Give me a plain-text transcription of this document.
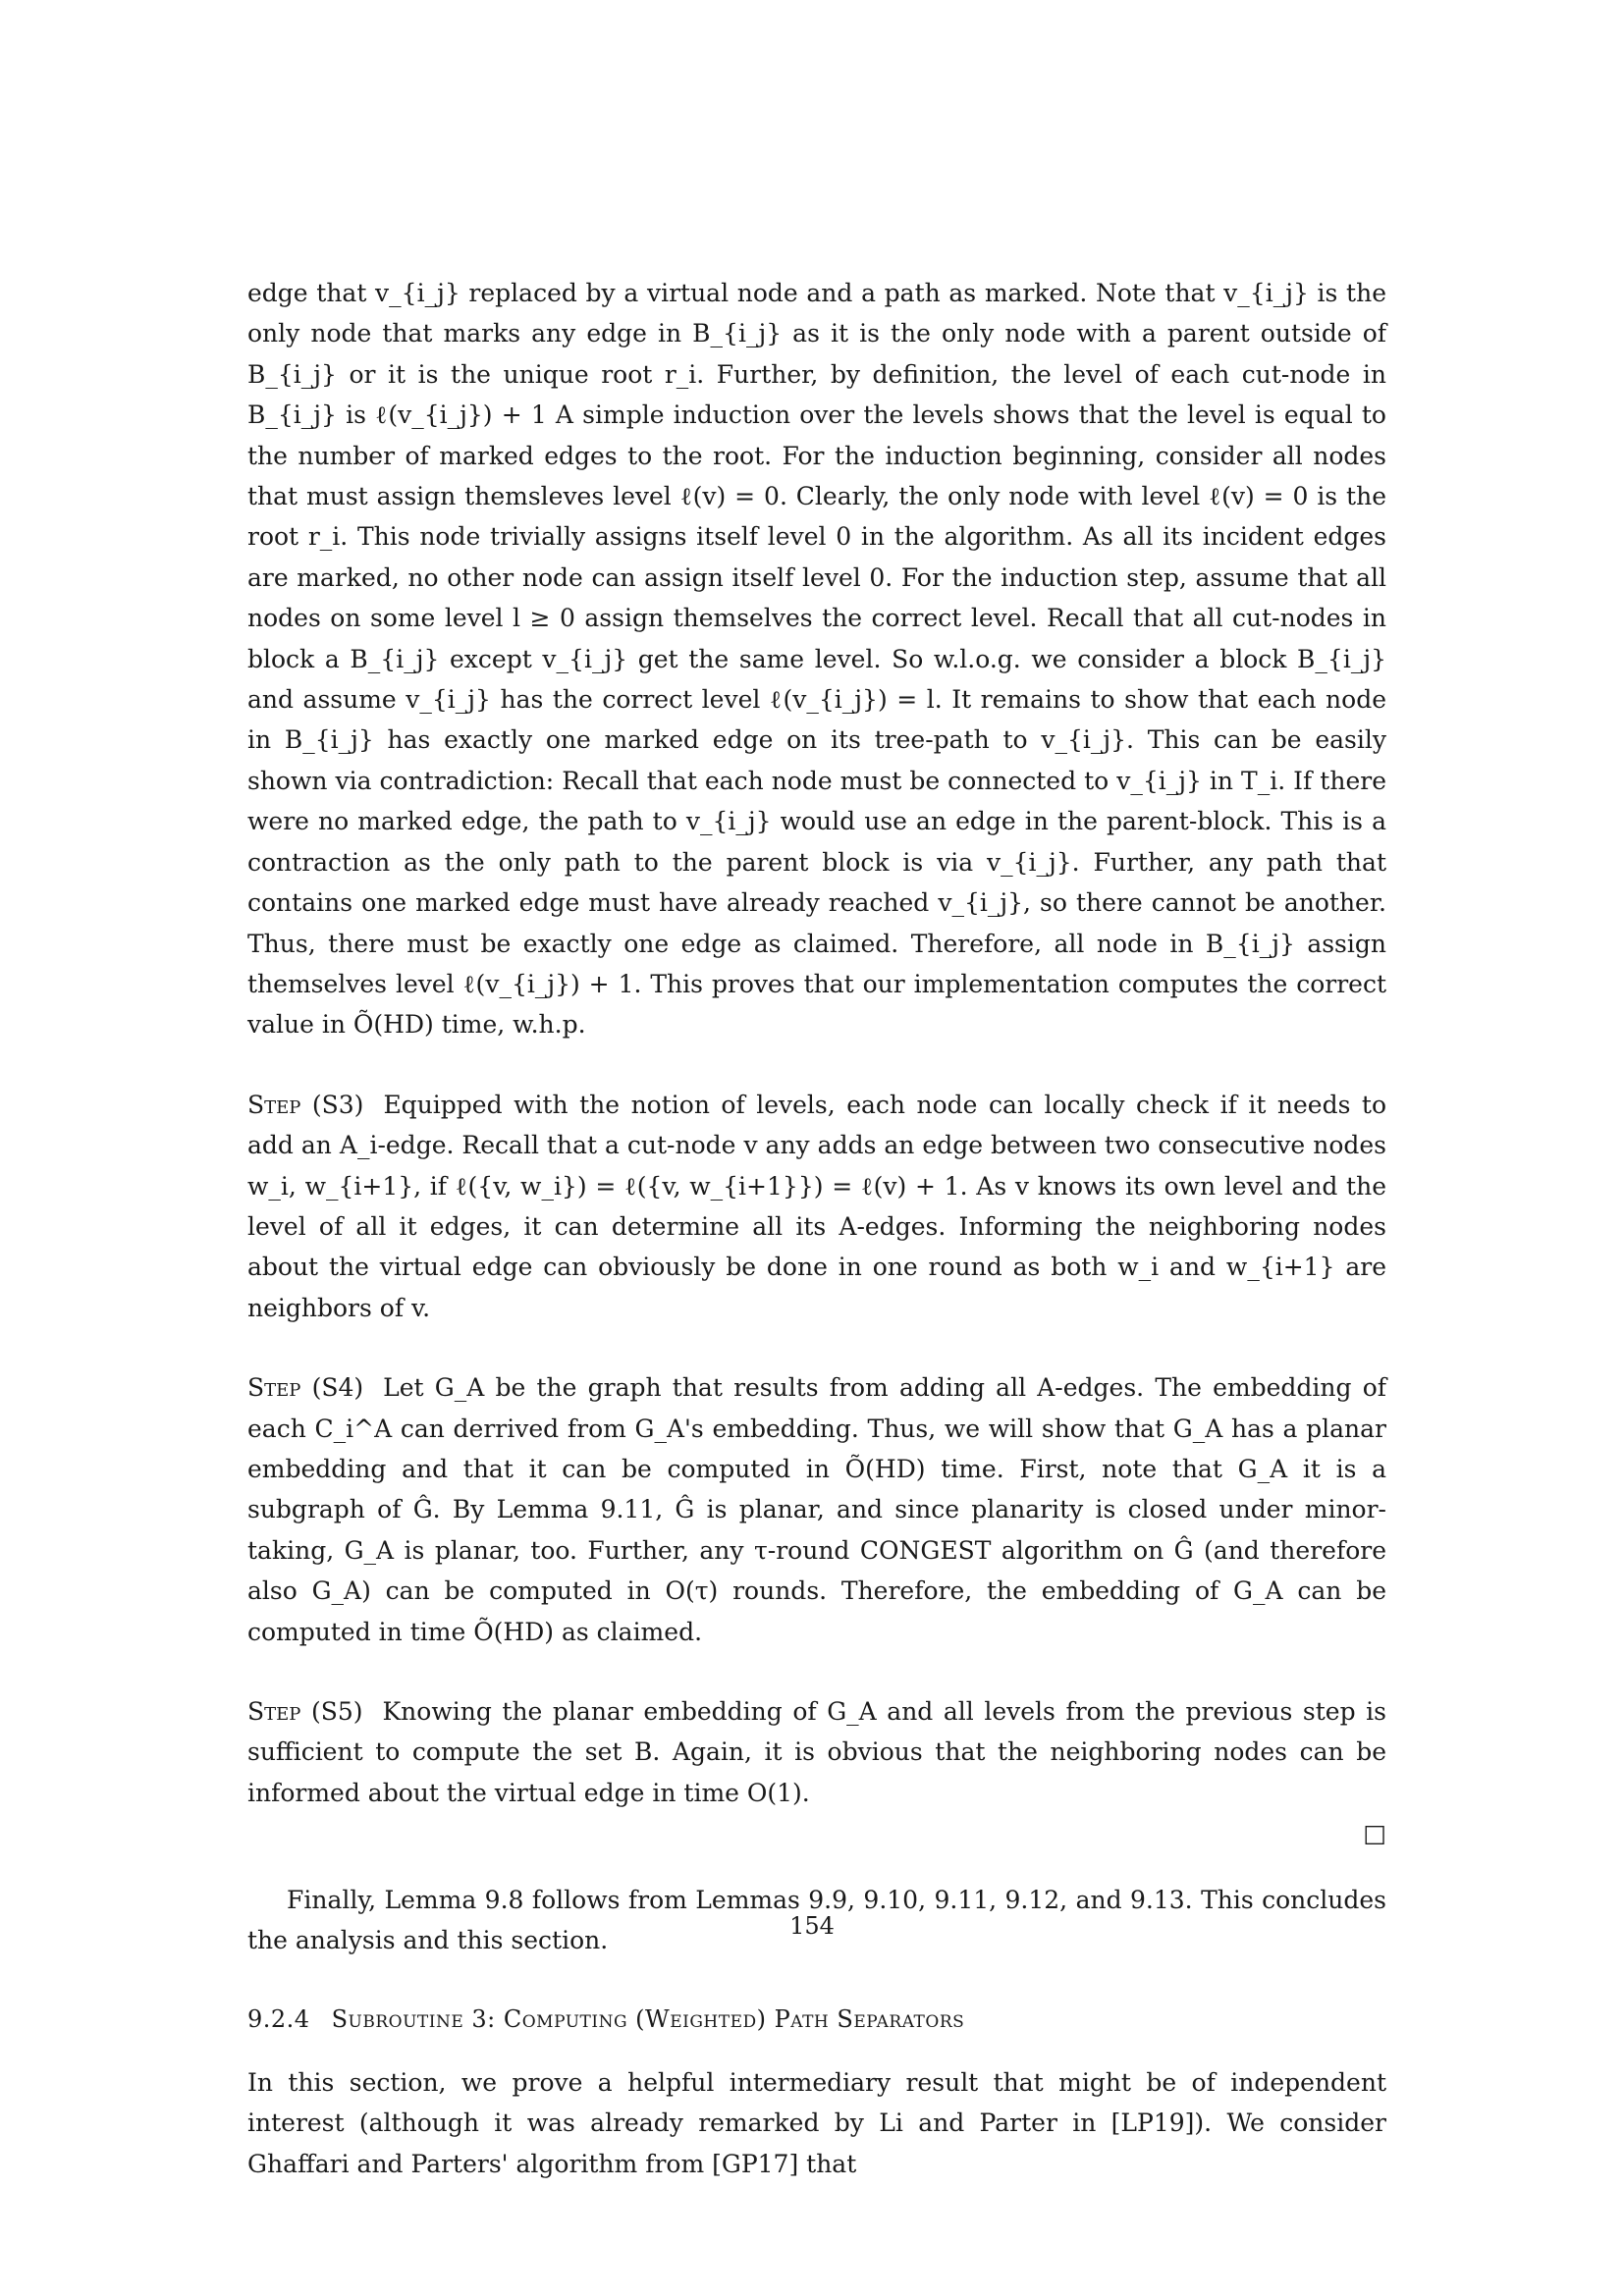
edge that v_{i_j} replaced by a virtual node and a path as marked. Note that v_{i_j} is the only node that marks any edge in B_{i_j} as it is the only node with a parent outside of B_{i_j} or it is the unique root r_i. Further, by definition, the level of each cut-node in B_{i_j} is ℓ(v_{i_j}) + 1 A simple induction over the levels shows that the level is equal to the number of marked edges to the root. For the induction beginning, consider all nodes that must assign themsleves level ℓ(v) = 0. Clearly, the only node with level ℓ(v) = 0 is the root r_i. This node trivially assigns itself level 0 in the algorithm. As all its incident edges are marked, no other node can assign itself level 0. For the induction step, assume that all nodes on some level l ≥ 0 assign themselves the correct level. Recall that all cut-nodes in block a B_{i_j} except v_{i_j} get the same level. So w.l.o.g. we consider a block B_{i_j} and assume v_{i_j} has the correct level ℓ(v_{i_j}) = l. It remains to show that each node in B_{i_j} has exactly one marked edge on its tree-path to v_{i_j}. This can be easily shown via contradiction: Recall that each node must be connected to v_{i_j} in T_i. If there were no marked edge, the path to v_{i_j} would use an edge in the parent-block. This is a contraction as the only path to the parent block is via v_{i_j}. Further, any path that contains one marked edge must have already reached v_{i_j}, so there cannot be another. Thus, there must be exactly one edge as claimed. Therefore, all node in B_{i_j} assign themselves level ℓ(v_{i_j}) + 1. This proves that our implementation computes the correct value in Õ(HD) time, w.h.p.

Step (S3) Equipped with the notion of levels, each node can locally check if it needs to add an A_i-edge. Recall that a cut-node v any adds an edge between two consecutive nodes w_i, w_{i+1}, if ℓ({v, w_i}) = ℓ({v, w_{i+1}}) = ℓ(v) + 1. As v knows its own level and the level of all it edges, it can determine all its A-edges. Informing the neighboring nodes about the virtual edge can obviously be done in one round as both w_i and w_{i+1} are neighbors of v.

Step (S4) Let G_A be the graph that results from adding all A-edges. The embedding of each C_i^A can derrived from G_A's embedding. Thus, we will show that G_A has a planar embedding and that it can be computed in Õ(HD) time. First, note that G_A it is a subgraph of Ĝ. By Lemma 9.11, Ĝ is planar, and since planarity is closed under minor-taking, G_A is planar, too. Further, any τ-round CONGEST algorithm on Ĝ (and therefore also G_A) can be computed in O(τ) rounds. Therefore, the embedding of G_A can be computed in time Õ(HD) as claimed.

Step (S5) Knowing the planar embedding of G_A and all levels from the previous step is sufficient to compute the set B. Again, it is obvious that the neighboring nodes can be informed about the virtual edge in time O(1).

□

Finally, Lemma 9.8 follows from Lemmas 9.9, 9.10, 9.11, 9.12, and 9.13. This concludes the analysis and this section.

9.2.4 Subroutine 3: Computing (Weighted) Path Separators

In this section, we prove a helpful intermediary result that might be of independent interest (although it was already remarked by Li and Parter in [LP19]). We consider Ghaffari and Parters' algorithm from [GP17] that

154
